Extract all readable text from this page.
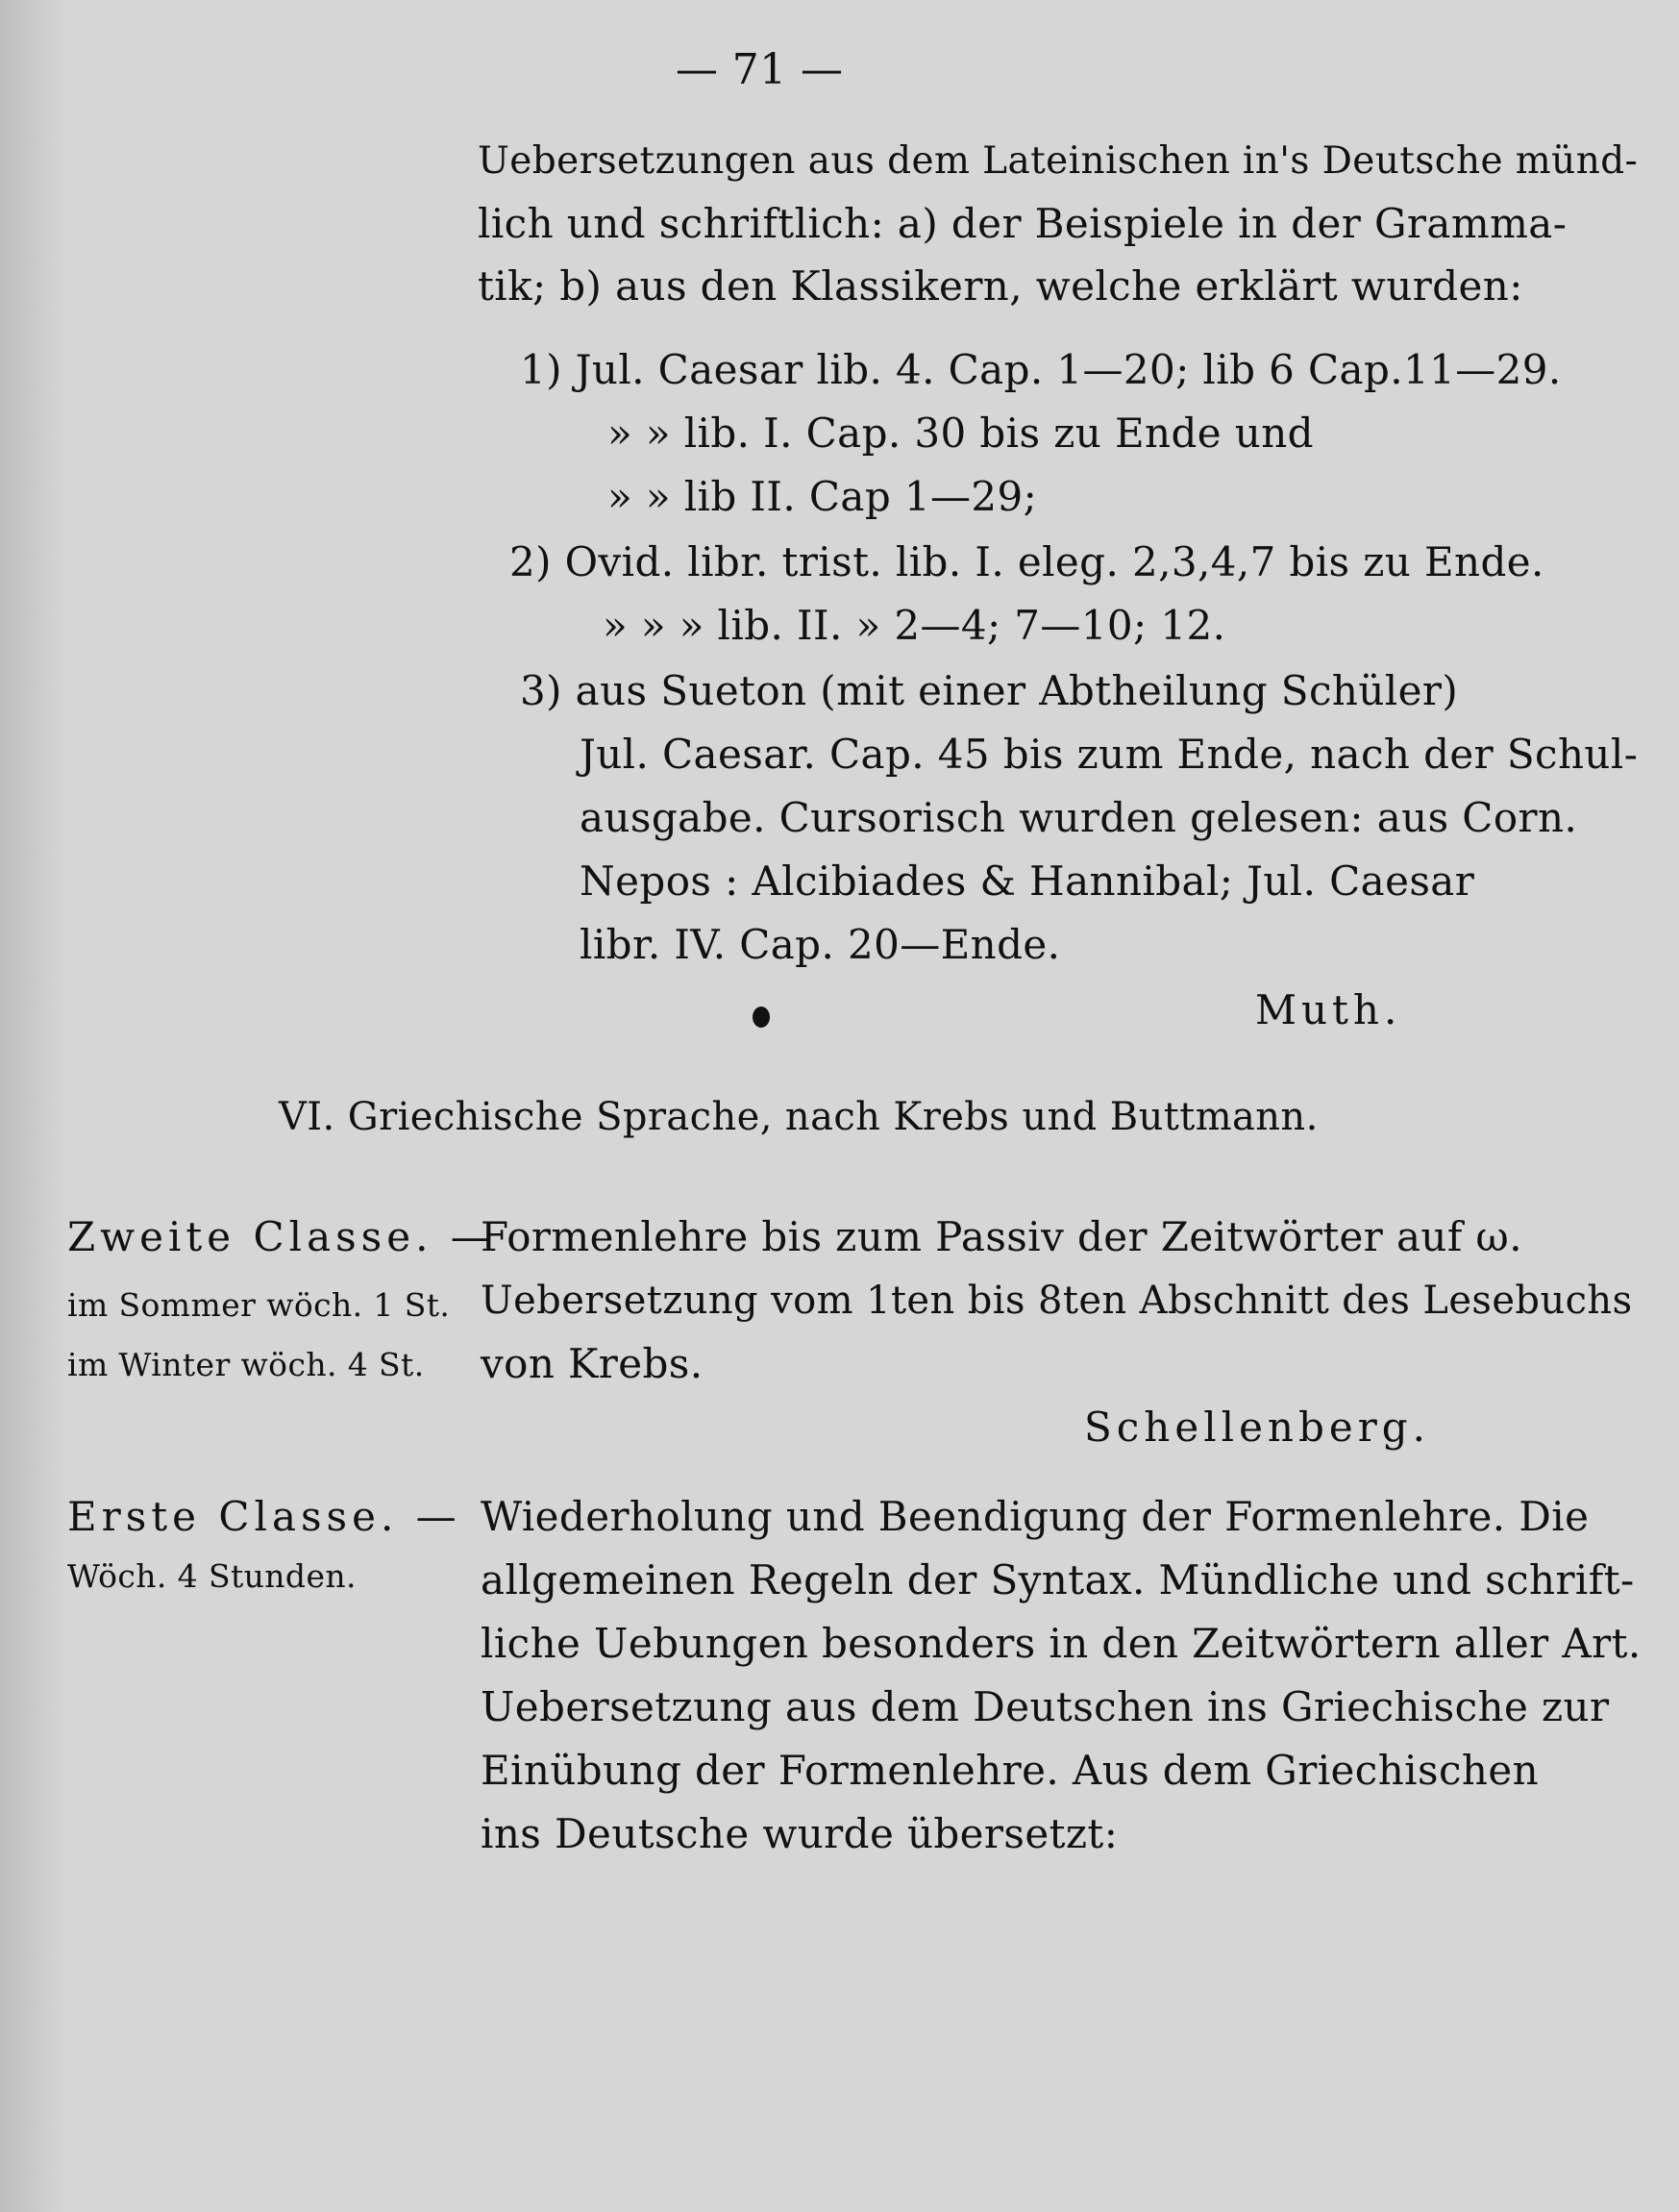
— 71 —

Uebersetzungen aus dem Lateinischen in's Deutsche münd-

lich und schriftlich: a) der Beispiele in der Gramma-

tik; b) aus den Klassikern, welche erklärt wurden:

1) Jul. Caesar lib. 4. Cap. 1—20; lib 6 Cap.11—29.

» » lib. I. Cap. 30 bis zu Ende und

» » lib II. Cap 1—29;

2) Ovid. libr. trist. lib. I. eleg. 2,3,4,7 bis zu Ende.

» » » lib. II. » 2—4; 7—10; 12.

3) aus Sueton (mit einer Abtheilung Schüler)

Jul. Caesar. Cap. 45 bis zum Ende, nach der Schul-

ausgabe. Cursorisch wurden gelesen: aus Corn.

Nepos : Alcibiades & Hannibal; Jul. Caesar

libr. IV. Cap. 20—Ende.

Muth.

VI. Griechische Sprache, nach Krebs und Buttmann.

Zweite Classe. —

im Sommer wöch. 1 St.

im Winter wöch. 4 St.

Formenlehre bis zum Passiv der Zeitwörter auf ω.

Uebersetzung vom 1ten bis 8ten Abschnitt des Lesebuchs

von Krebs.

Schellenberg.

Erste Classe. —

Wöch. 4 Stunden.

Wiederholung und Beendigung der Formenlehre. Die

allgemeinen Regeln der Syntax. Mündliche und schrift-

liche Uebungen besonders in den Zeitwörtern aller Art.

Uebersetzung aus dem Deutschen ins Griechische zur

Einübung der Formenlehre. Aus dem Griechischen

ins Deutsche wurde übersetzt:
